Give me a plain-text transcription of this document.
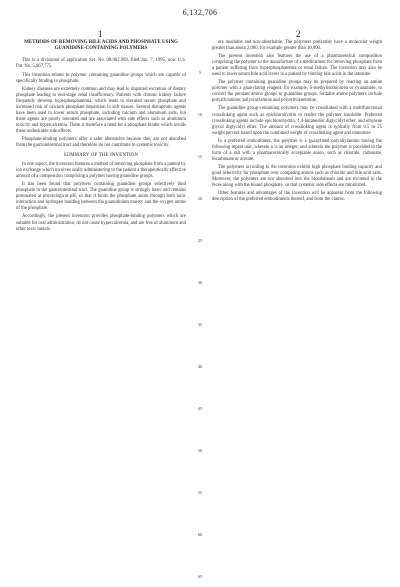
6,132,706
1	2
METHODS OF REMOVING BILE ACIDS AND PHOSPHATE USING GUANIDINE-CONTAINING POLYMERS

This is a divisional of application Ser. No. 08/482,969, filed Jun. 7, 1995, now U.S. Pat. No. 5,667,775.

This invention relates to polymer containing guanidine groups which are capable of specifically binding to phosphate.

Kidney diseases are extremely common and may lead to impaired excretion of dietary phosphate leading to end-stage renal insufficiency. Patients with chronic kidney failure frequently develop hyperphosphatemia, which leads to elevated serum phosphate and increased risk of calcium phosphate deposition in soft tissues. Several therapeutic agents have been used to lower serum phosphate, including calcium and aluminum salts, but these agents are poorly tolerated and are associated with side effects such as aluminum toxicity and hypercalcemia. There is therefore a need for a phosphate binder which avoids these undesirable side effects.

Phosphate-binding polymers offer a safer alternative because they are not absorbed from the gastrointestinal tract and therefore do not contribute to systemic toxicity.

SUMMARY OF THE INVENTION

In one aspect, the invention features a method of removing phosphate from a patient by ion exchange which involves orally administering to the patient a therapeutically effective amount of a composition comprising a polymer having guanidine groups.

It has been found that polymers containing guanidine groups selectively bind phosphate in the gastrointestinal tract. The guanidine group is strongly basic and remains protonated at physiological pH, so that it binds the phosphate anion through both ionic interaction and hydrogen bonding between the guanidinium moiety and the oxygen atoms of the phosphate.

Accordingly, the present invention provides phosphate-binding polymers which are suitable for oral administration, do not cause hypercalcemia, and are free of aluminum and other toxic metals.

5
10
15
20
25
30
35
40
45
50
55
60
65

are insoluble and non-absorbable. The polymers preferably have a molecular weight greater than about 2,000, for example greater than 10,000.

The present invention also features the use of a pharmaceutical composition comprising the polymer in the manufacture of a medicament for removing phosphate from a patient suffering from hyperphosphatemia or renal failure. The invention may also be used to lower serum bile acid levels in a patient by binding bile acids in the intestine.

The polymer containing guanidine groups may be prepared by reacting an amine polymer with a guanylating reagent, for example, S-methylisothiourea or cyanamide, to convert the pendant amino groups to guanidine groups. Suitable amine polymers include polyallylamine, polyvinylamine and polyethyleneimine.

The guanidine group-containing polymers may be crosslinked with a multifunctional crosslinking agent such as epichlorohydrin to render the polymer insoluble. Preferred crosslinking agents include epichlorohydrin, 1,4-butanediol diglycidyl ether, and ethylene glycol diglycidyl ether. The amount of crosslinking agent is typically from 0.5 to 25 weight percent based upon the combined weight of crosslinking agent and monomer.

In a preferred embodiment, the polymer is a guanylated polyallylamine having the following repeat unit, wherein n is an integer, and wherein the polymer is provided in the form of a salt with a pharmaceutically acceptable anion, such as chloride, carbonate, bicarbonate or acetate.

The polymers according to the invention exhibit high phosphate binding capacity and good selectivity for phosphate over competing anions such as chloride and bile acid salts. Moreover, the polymers are not absorbed into the bloodstream and are excreted in the feces along with the bound phosphate, so that systemic side effects are minimized.

Other features and advantages of the invention will be apparent from the following description of the preferred embodiments thereof, and from the claims.
